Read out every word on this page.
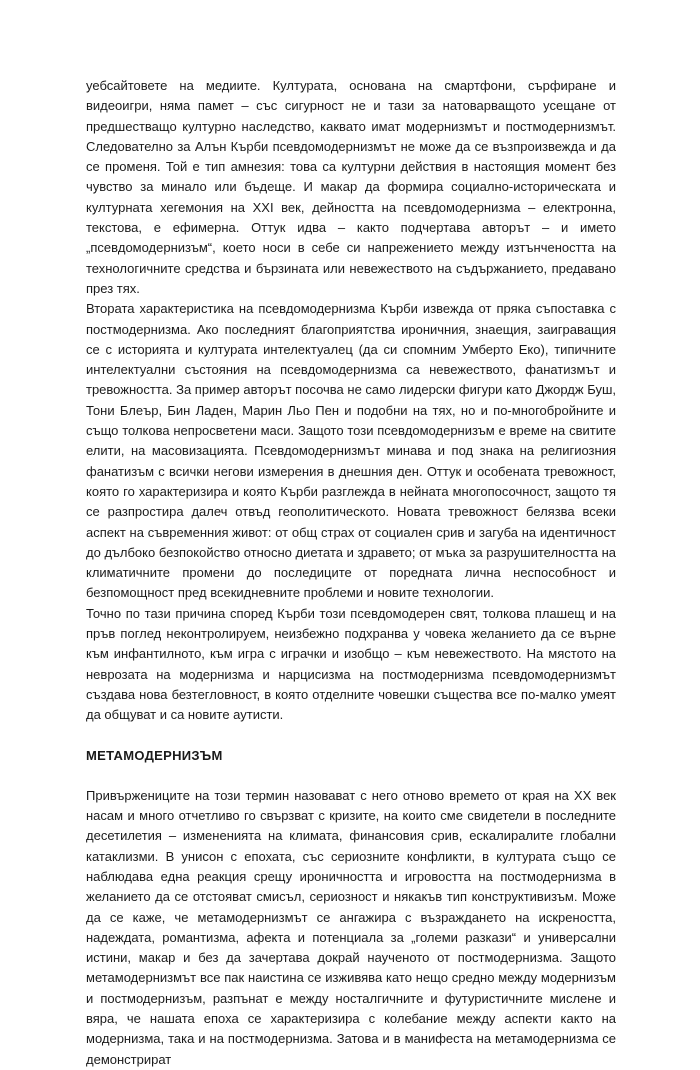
уебсайтовете на медиите. Културата, основана на смартфони, сърфиране и видеоигри, няма памет – със сигурност не и тази за натоварващото усещане от предшестващо културно наследство, каквато имат модернизмът и постмодернизмът. Следователно за Алън Кърби псевдомодернизмът не може да се възпроизвежда и да се променя. Той е тип амнезия: това са културни действия в настоящия момент без чувство за минало или бъдеще. И макар да формира социално-историческата и културната хегемония на XXI век, дейността на псевдомодернизма – електронна, текстова, е ефимерна. Оттук идва – както подчертава авторът – и името „псевдомодернизъм“, което носи в себе си напрежението между изтънчеността на технологичните средства и бързината или невежеството на съдържанието, предавано през тях.

Втората характеристика на псевдомодернизма Кърби извежда от пряка съпоставка с постмодернизма. Ако последният благоприятства ироничния, знаещия, заиграващия се с историята и културата интелектуалец (да си спомним Умберто Еко), типичните интелектуални състояния на псевдомодернизма са невежеството, фанатизмът и тревожността. За пример авторът посочва не само лидерски фигури като Джордж Буш, Тони Блеър, Бин Ладен, Марин Льо Пен и подобни на тях, но и по-многобройните и също толкова непросветени маси. Защото този псевдомодернизъм е време на свитите елити, на масовизацията. Псевдомодернизмът минава и под знака на религиозния фанатизъм с всички негови измерения в днешния ден. Оттук и особената тревожност, която го характеризира и която Кърби разглежда в нейната многопосочност, защото тя се разпростира далеч отвъд геополитическото. Новата тревожност белязва всеки аспект на съвременния живот: от общ страх от социален срив и загуба на идентичност до дълбоко безпокойство относно диетата и здравето; от мъка за разрушителността на климатичните промени до последиците от поредната лична неспособност и безпомощност пред всекидневните проблеми и новите технологии.

Точно по тази причина според Кърби този псевдомодерен свят, толкова плашещ и на пръв поглед неконтролируем, неизбежно подхранва у човека желанието да се върне към инфантилното, към игра с играчки и изобщо – към невежеството. На мястото на неврозата на модернизма и нарцисизма на постмодернизма псевдомодернизмът създава нова безтегловност, в която отделните човешки същества все по-малко умеят да общуват и са новите аутисти.

МЕТАМОДЕРНИЗЪМ

Привърженицитe на този термин назовават с него отново времето от края на XX век насам и много отчетливо го свързват с кризите, на които сме свидетели в последните десетилетия – измененията на климата, финансовия срив, ескалиралите глобални катаклизми. В унисон с епохата, със сериозните конфликти, в културата също се наблюдава една реакция срещу ироничността и игровостта на постмодернизма в желанието да се отстояват смисъл, сериозност и някакъв тип конструктивизъм. Може да се каже, че метамодернизмът се ангажира с възраждането на искреността, надеждата, романтизма, афекта и потенциала за „големи разкази“ и универсални истини, макар и без да зачертава докрай наученото от постмодернизма. Защото метамодернизмът все пак наистина се изживява като нещо средно между модернизъм и постмодернизъм, разпънат е между носталгичните и футуристичните мислене и вяра, че нашата епоха се характеризира с колебание между аспекти както на модернизма, така и на постмодернизма. Затова и в манифеста на метамодернизма се демонстрират
